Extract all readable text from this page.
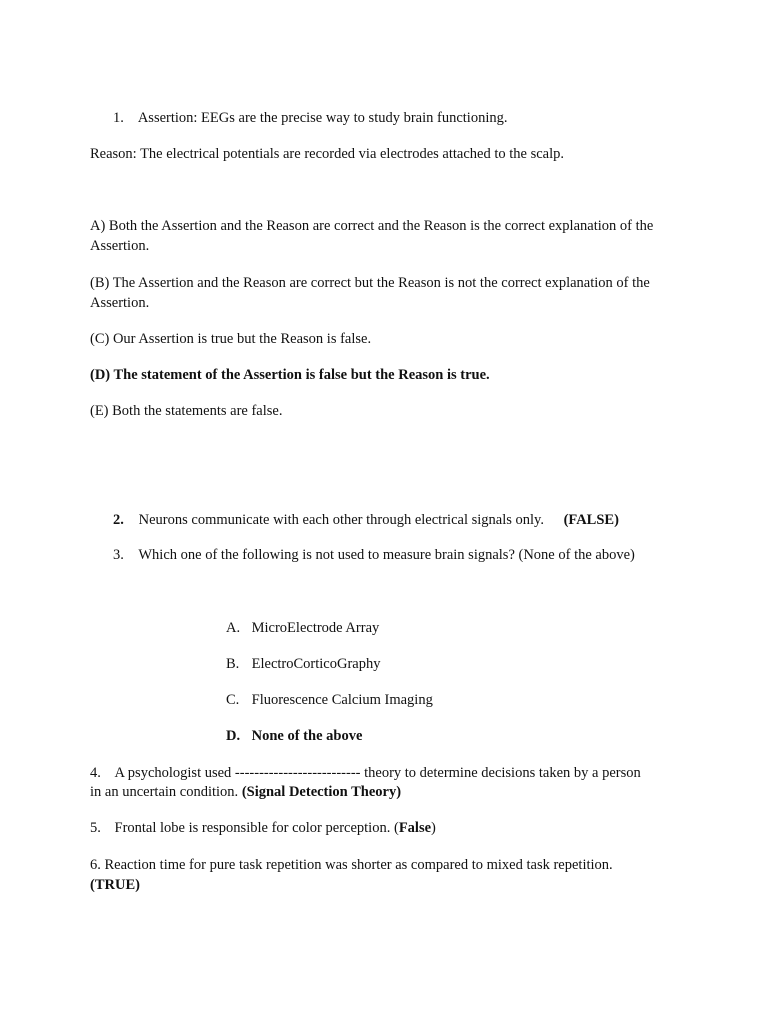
1. Assertion: EEGs are the precise way to study brain functioning.
Reason: The electrical potentials are recorded via electrodes attached to the scalp.
A) Both the Assertion and the Reason are correct and the Reason is the correct explanation of the Assertion.
(B) The Assertion and the Reason are correct but the Reason is not the correct explanation of the Assertion.
(C) Our Assertion is true but the Reason is false.
(D) The statement of the Assertion is false but the Reason is true.
(E) Both the statements are false.
2. Neurons communicate with each other through electrical signals only. (FALSE)
3. Which one of the following is not used to measure brain signals? (None of the above)
A. MicroElectrode Array
B. ElectroCorticoGraphy
C. Fluorescence Calcium Imaging
D. None of the above
4. A psychologist used -------------------------- theory to determine decisions taken by a person
in an uncertain condition. (Signal Detection Theory)
5. Frontal lobe is responsible for color perception. (False)
6. Reaction time for pure task repetition was shorter as compared to mixed task repetition.
(TRUE)
